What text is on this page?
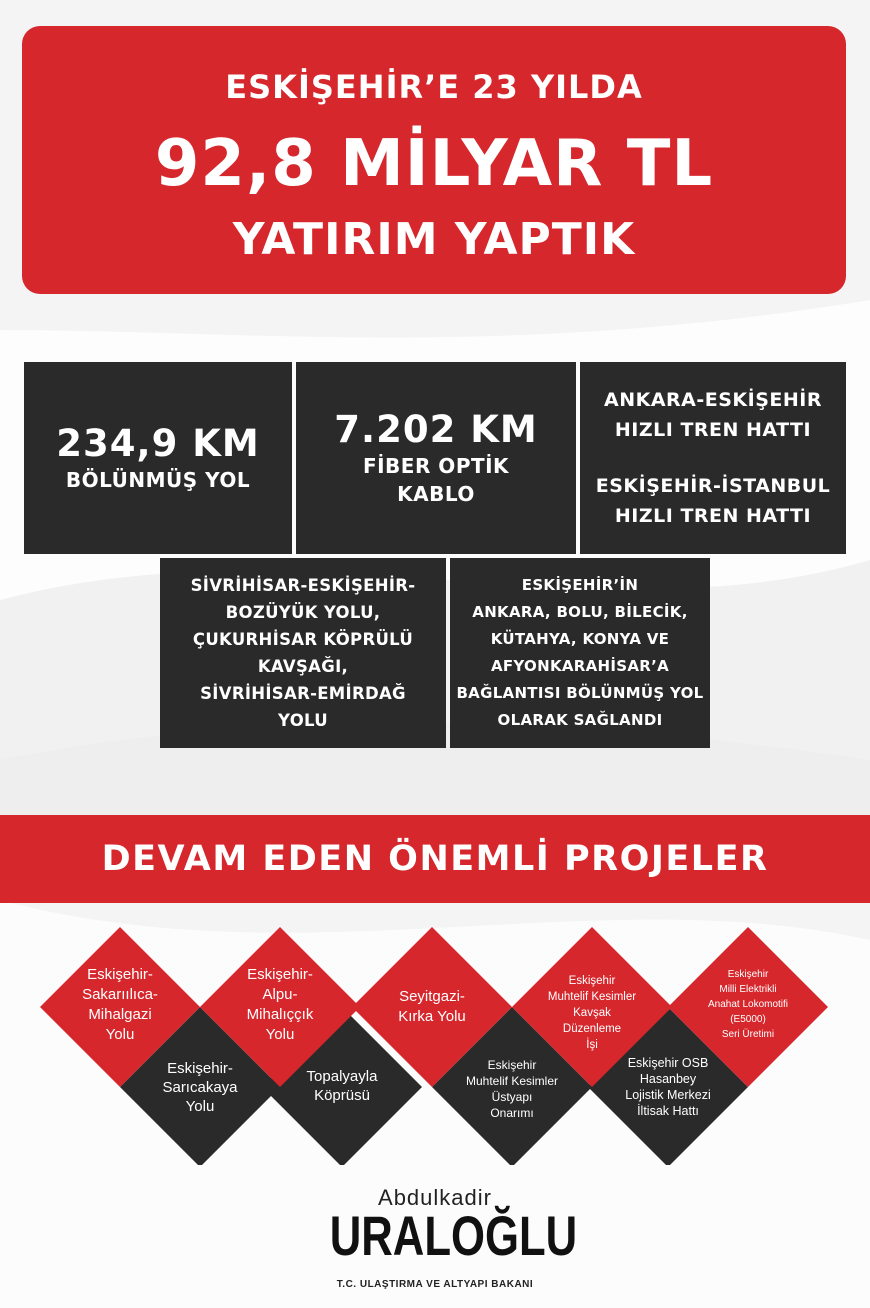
ESKİŞEHİR’E 23 YILDA
92,8 MİLYAR TL
YATIRIM YAPTIK
234,9 KM
BÖLÜNMÜŞ YOL
7.202 KM
FİBER OPTİK
KABLO
ANKARA-ESKİŞEHİR
HIZLI TREN HATTI
ESKİŞEHİR-İSTANBUL
HIZLI TREN HATTI
SİVRİHİSAR-ESKİŞEHİR-
BOZÜYÜK YOLU,
ÇUKURHİSAR KÖPRÜLÜ
KAVŞAĞI,
SİVRİHİSAR-EMİRDAĞ
YOLU
ESKİŞEHİR’İN
ANKARA, BOLU, BİLECİK,
KÜTAHYA, KONYA VE
AFYONKARAHİSAR’A
BAĞLANTISI BÖLÜNMÜŞ YOL
OLARAK SAĞLANDI
DEVAM EDEN ÖNEMLİ PROJELER
Eskişehir-
Sakarıılıca-
Mihalgazi
Yolu
Eskişehir-
Alpu-
Mihalıççık
Yolu
Seyitgazi-
Kırka Yolu
Eskişehir
Muhtelif Kesimler
Kavşak
Düzenleme
İşi
Eskişehir
Milli Elektrikli
Anahat Lokomotifi
(E5000)
Seri Üretimi
Eskişehir-
Sarıcakaya
Yolu
Topalyayla
Köprüsü
Eskişehir
Muhtelif Kesimler
Üstyapı
Onarımı
Eskişehir OSB
Hasanbey
Lojistik Merkezi
İltisak Hattı
Abdulkadir
URALOĞLU
T.C. ULAŞTIRMA VE ALTYAPI BAKANI
